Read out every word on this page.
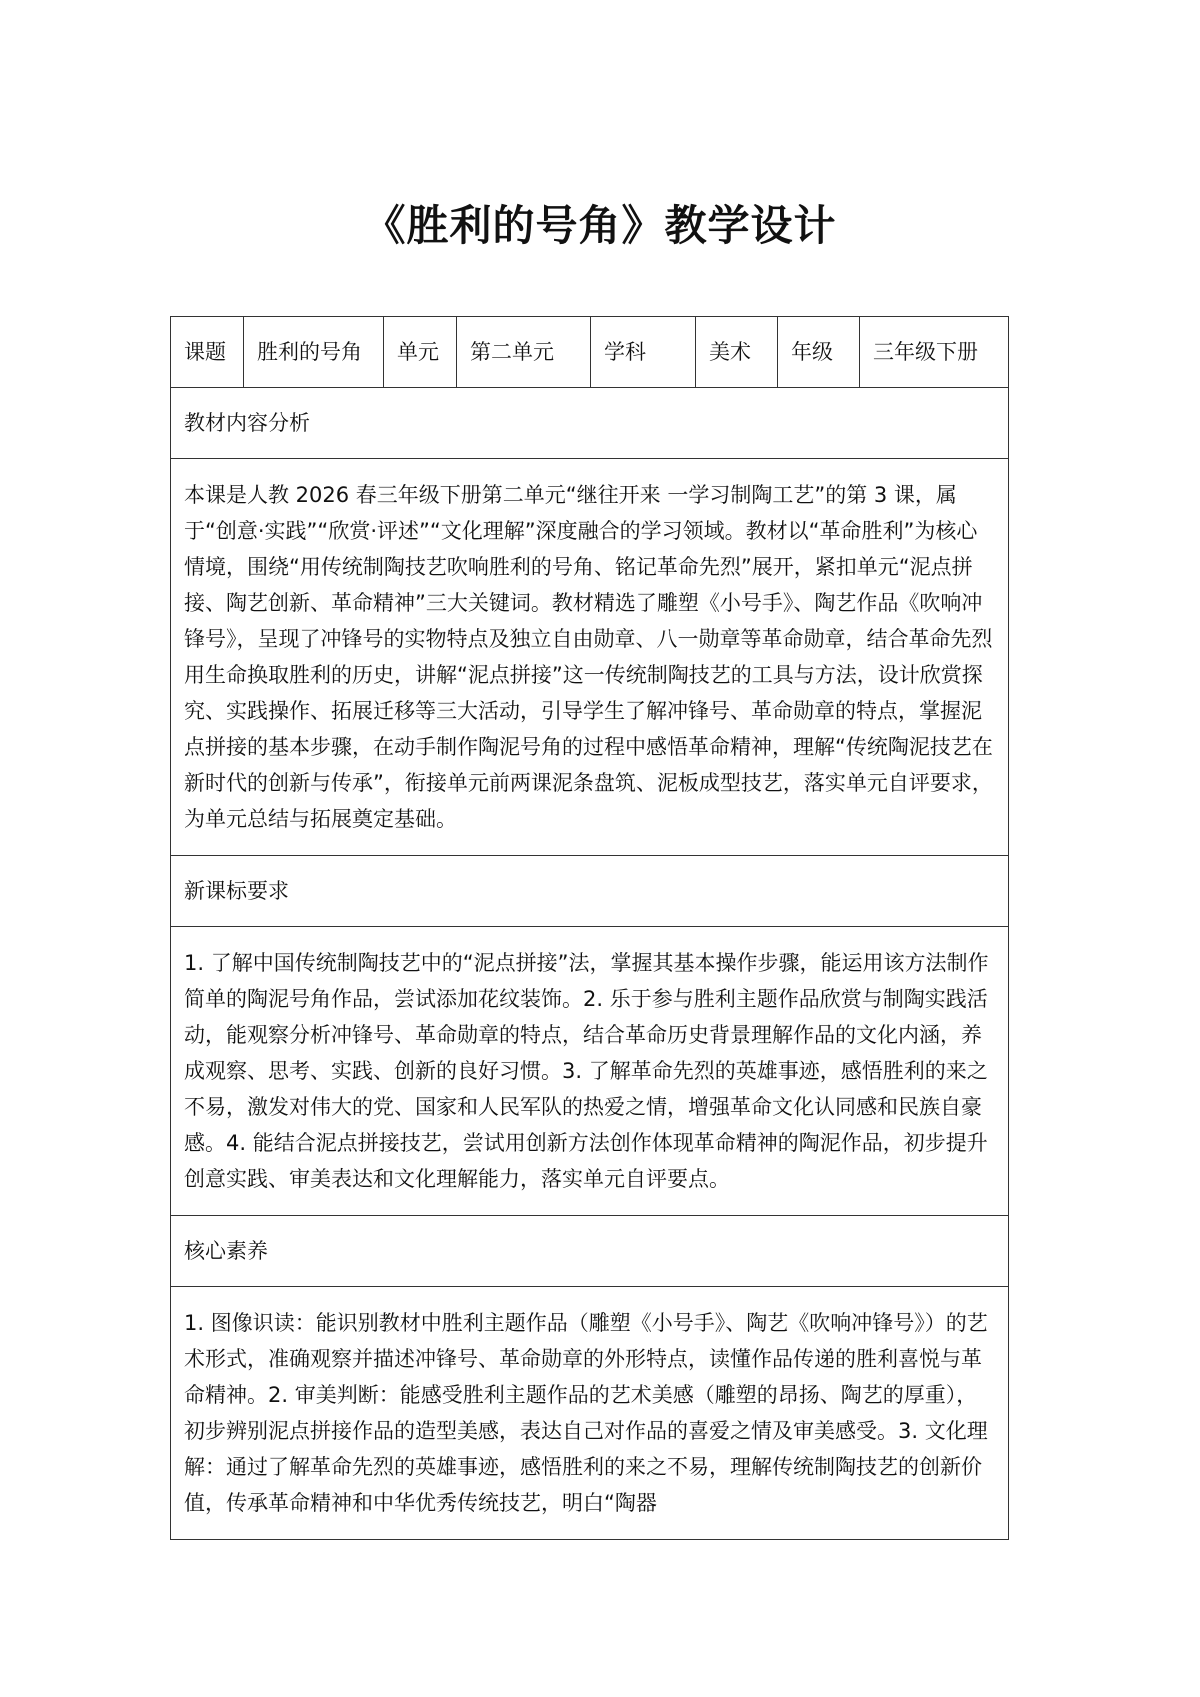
《胜利的号角》教学设计
课题	胜利的号角	单元	第二单元	学科	美术	年级	三年级下册
教材内容分析
本课是人教 2026 春三年级下册第二单元“继往开来 一学习制陶工艺”的第 3 课，属于“创意·实践”“欣赏·评述”“文化理解”深度融合的学习领域。教材以“革命胜利”为核心情境，围绕“用传统制陶技艺吹响胜利的号角、铭记革命先烈”展开，紧扣单元“泥点拼接、陶艺创新、革命精神”三大关键词。教材精选了雕塑《小号手》、陶艺作品《吹响冲锋号》，呈现了冲锋号的实物特点及独立自由勋章、八一勋章等革命勋章，结合革命先烈用生命换取胜利的历史，讲解“泥点拼接”这一传统制陶技艺的工具与方法，设计欣赏探究、实践操作、拓展迁移等三大活动，引导学生了解冲锋号、革命勋章的特点，掌握泥点拼接的基本步骤，在动手制作陶泥号角的过程中感悟革命精神，理解“传统陶泥技艺在新时代的创新与传承”，衔接单元前两课泥条盘筑、泥板成型技艺，落实单元自评要求，为单元总结与拓展奠定基础。
新课标要求
1. 了解中国传统制陶技艺中的“泥点拼接”法，掌握其基本操作步骤，能运用该方法制作简单的陶泥号角作品，尝试添加花纹装饰。2. 乐于参与胜利主题作品欣赏与制陶实践活动，能观察分析冲锋号、革命勋章的特点，结合革命历史背景理解作品的文化内涵，养成观察、思考、实践、创新的良好习惯。3. 了解革命先烈的英雄事迹，感悟胜利的来之不易，激发对伟大的党、国家和人民军队的热爱之情，增强革命文化认同感和民族自豪感。4. 能结合泥点拼接技艺，尝试用创新方法创作体现革命精神的陶泥作品，初步提升创意实践、审美表达和文化理解能力，落实单元自评要点。
核心素养
1. 图像识读：能识别教材中胜利主题作品（雕塑《小号手》、陶艺《吹响冲锋号》）的艺术形式，准确观察并描述冲锋号、革命勋章的外形特点，读懂作品传递的胜利喜悦与革命精神。2. 审美判断：能感受胜利主题作品的艺术美感（雕塑的昂扬、陶艺的厚重），初步辨别泥点拼接作品的造型美感，表达自己对作品的喜爱之情及审美感受。3. 文化理解：通过了解革命先烈的英雄事迹，感悟胜利的来之不易，理解传统制陶技艺的创新价值，传承革命精神和中华优秀传统技艺，明白“陶器
